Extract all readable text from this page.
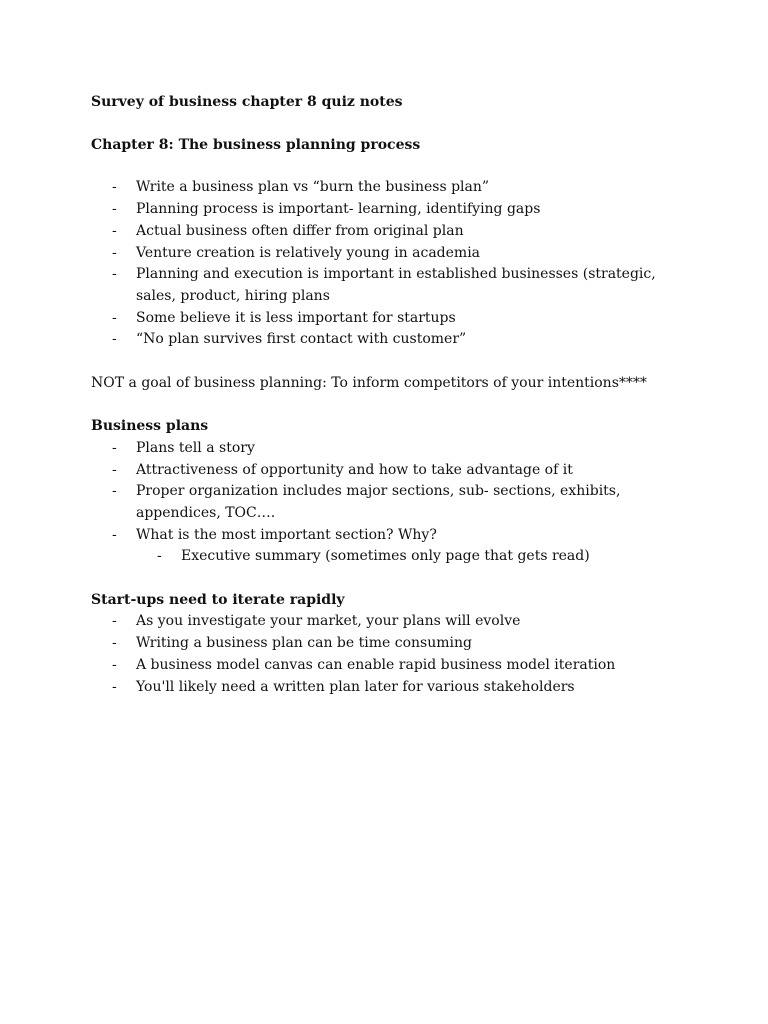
Survey of business chapter 8 quiz notes

Chapter 8: The business planning process

- Write a business plan vs “burn the business plan”
- Planning process is important- learning, identifying gaps
- Actual business often differ from original plan
- Venture creation is relatively young in academia
- Planning and execution is important in established businesses (strategic, sales, product, hiring plans
- Some believe it is less important for startups
- “No plan survives first contact with customer”

NOT a goal of business planning: To inform competitors of your intentions****

Business plans

- Plans tell a story
- Attractiveness of opportunity and how to take advantage of it
- Proper organization includes major sections, sub- sections, exhibits, appendices, TOC….
- What is the most important section? Why?
- Executive summary (sometimes only page that gets read)

Start-ups need to iterate rapidly

- As you investigate your market, your plans will evolve
- Writing a business plan can be time consuming
- A business model canvas can enable rapid business model iteration
- You'll likely need a written plan later for various stakeholders
